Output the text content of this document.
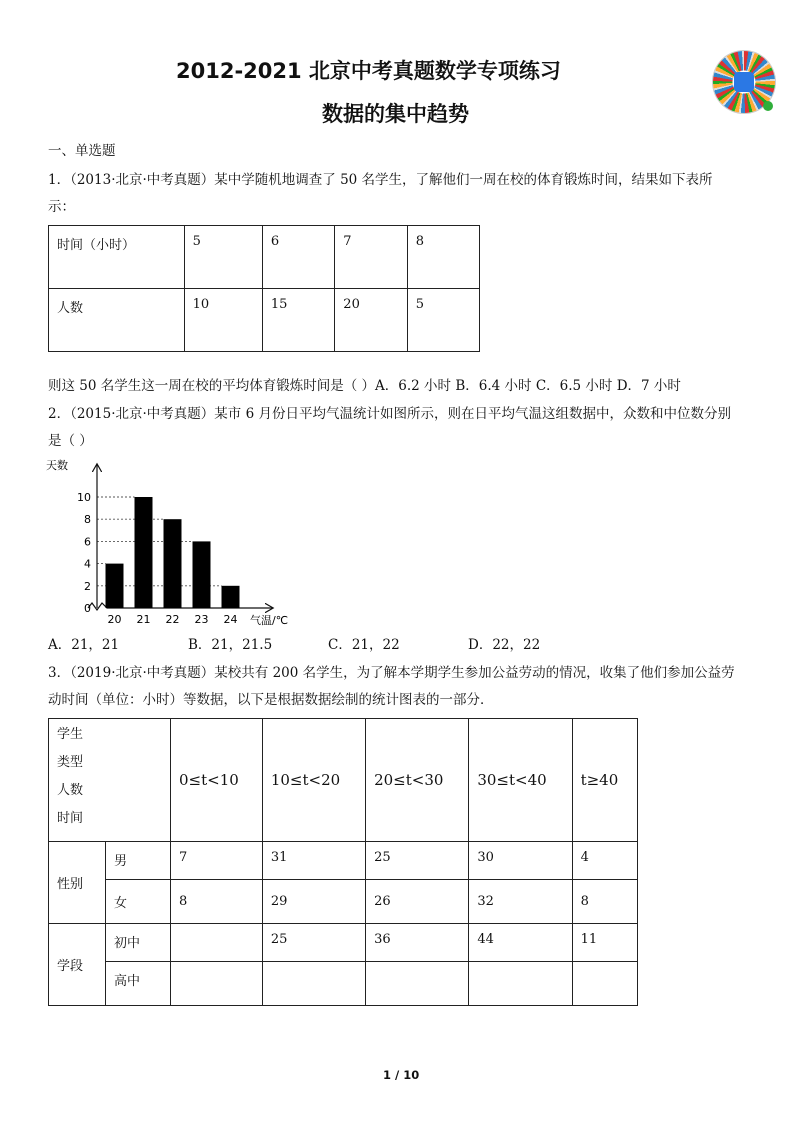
2012-2021 北京中考真题数学专项练习
数据的集中趋势
一、单选题
1．（2013·北京·中考真题）某中学随机地调查了 50 名学生，了解他们一周在校的体育锻炼时间，结果如下表所
示：
时间（小时）	5	6	7	8
人数	10	15	20	5
则这 50 名学生这一周在校的平均体育锻炼时间是（ ）A．6.2 小时 B．6.4 小时 C．6.5 小时 D．7 小时
2．（2015·北京·中考真题）某市 6 月份日平均气温统计如图所示，则在日平均气温这组数据中，众数和中位数分别
是（ ）
0
2
4
6
8
10
20 21 22 23 24
天数
气温/℃
A．21，21	B．21，21.5	C．21，22	D．22，22
3．（2019·北京·中考真题）某校共有 200 名学生，为了解本学期学生参加公益劳动的情况，收集了他们参加公益劳
动时间（单位：小时）等数据，以下是根据数据绘制的统计图表的一部分．
学生
类型
人数
时间		0≤t<10	10≤t<20	20≤t<30	30≤t<40	t≥40
性别	男	7	31	25	30	4
	女	8	29	26	32	8
学段	初中		25	36	44	11
	高中					
1 / 10
